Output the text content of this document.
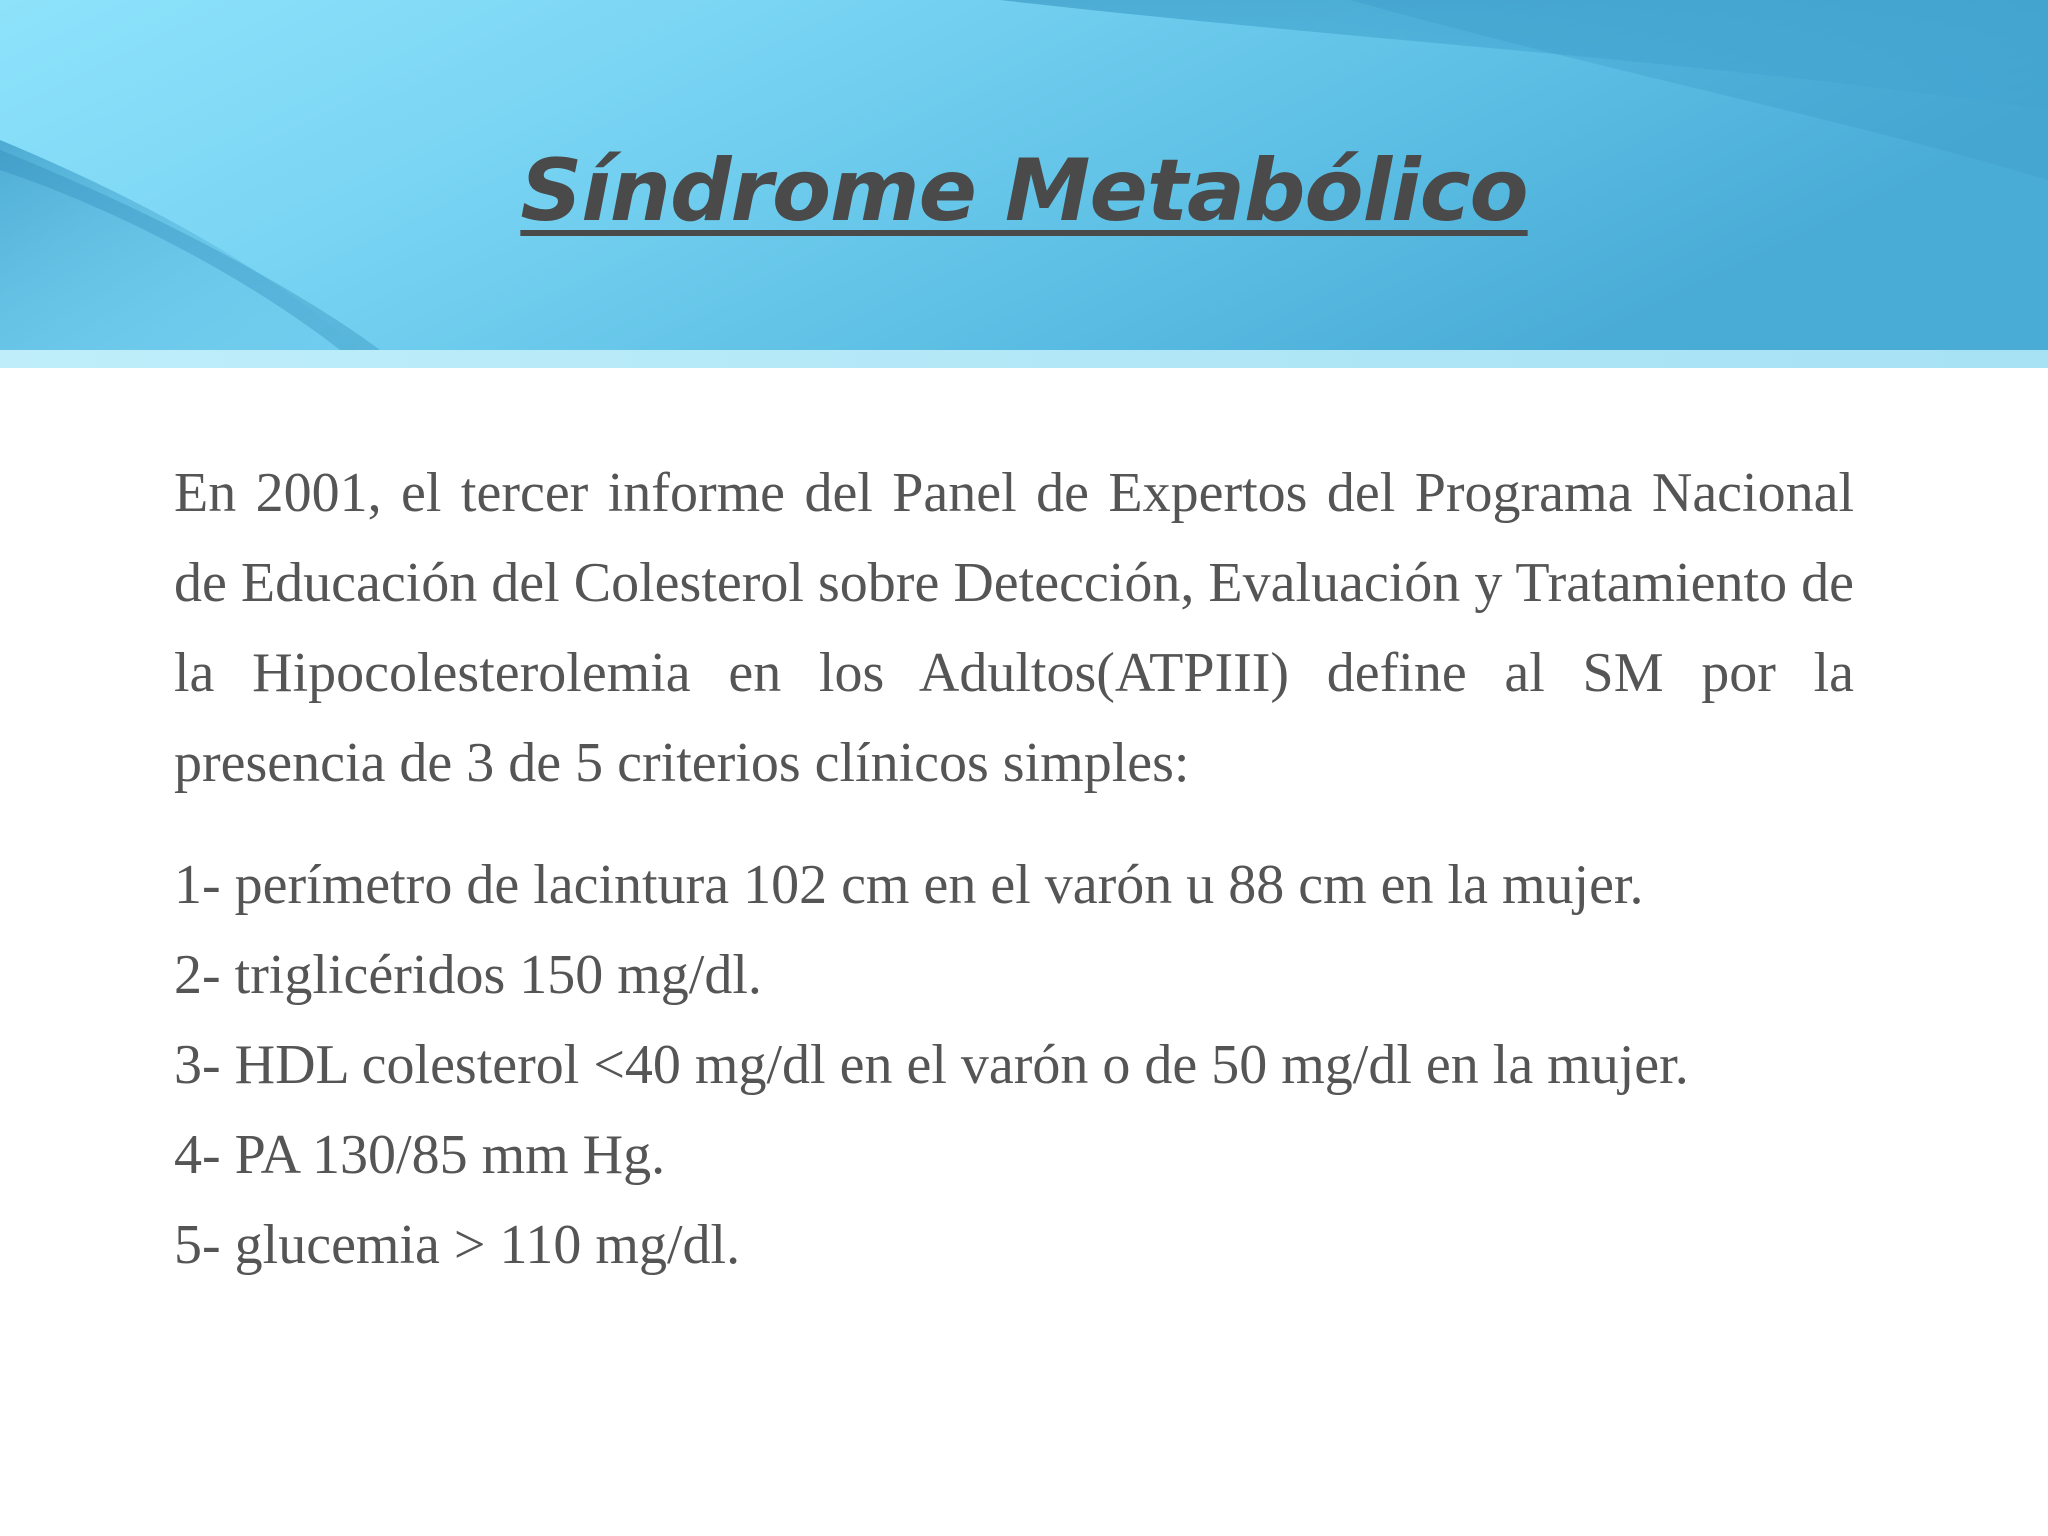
Síndrome Metabólico

En 2001, el tercer informe del Panel de Expertos del Programa Nacional de Educación del Colesterol sobre Detección, Evaluación y Tratamiento de la Hipocolesterolemia en los Adultos(ATPIII) define al SM por la presencia de 3 de 5 criterios clínicos simples:

1- perímetro de lacintura 102 cm en el varón u 88 cm en la mujer.
2- triglicéridos 150 mg/dl.
3- HDL colesterol <40 mg/dl en el varón o de 50 mg/dl en la mujer.
4- PA 130/85 mm Hg.
5- glucemia > 110 mg/dl.
